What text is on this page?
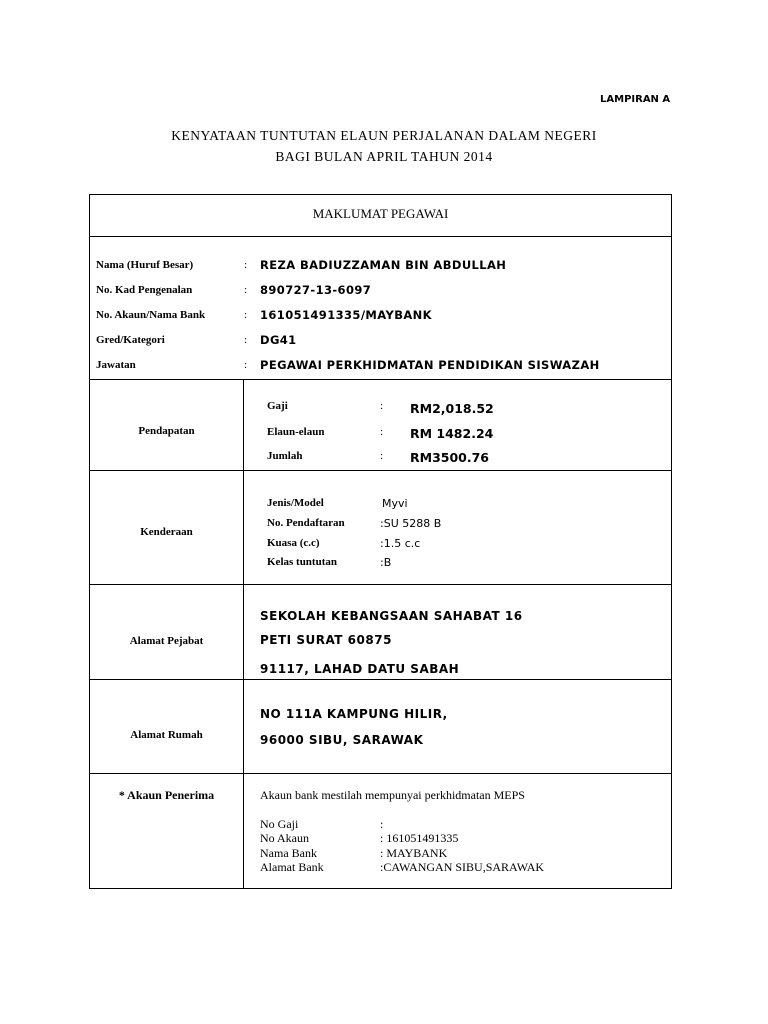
LAMPIRAN A
KENYATAAN TUNTUTAN ELAUN PERJALANAN DALAM NEGERI
BAGI BULAN APRIL TAHUN 2014
MAKLUMAT PEGAWAI
Nama (Huruf Besar)	: REZA BADIUZZAMAN BIN ABDULLAH
No. Kad Pengenalan	: 890727-13-6097
No. Akaun/Nama Bank	: 161051491335/MAYBANK
Gred/Kategori	: DG41
Jawatan	: PEGAWAI PERKHIDMATAN PENDIDIKAN SISWAZAH
Pendapatan
Gaji	: RM2,018.52
Elaun-elaun	: RM 1482.24
Jumlah	: RM3500.76
Kenderaan
Jenis/Model	Myvi
No. Pendaftaran	:SU 5288 B
Kuasa (c.c)	:1.5 c.c
Kelas tuntutan	:B
Alamat Pejabat
SEKOLAH KEBANGSAAN SAHABAT 16
PETI SURAT 60875
91117, LAHAD DATU SABAH
Alamat Rumah
NO 111A KAMPUNG HILIR,
96000 SIBU, SARAWAK
* Akaun Penerima	Akaun bank mestilah mempunyai perkhidmatan MEPS
No Gaji	:
No Akaun	: 161051491335
Nama Bank	: MAYBANK
Alamat Bank	:CAWANGAN SIBU,SARAWAK
